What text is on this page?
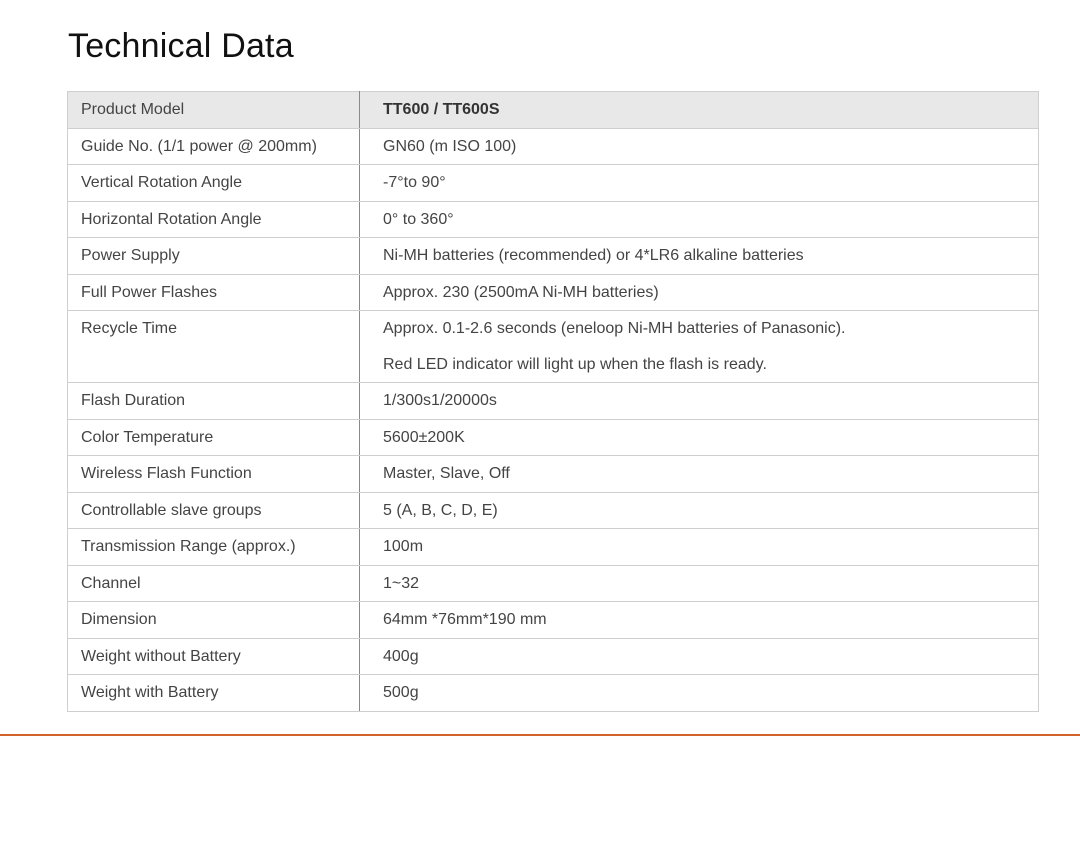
Technical Data
Product Model	TT600 / TT600S

Guide No. (1/1 power @ 200mm)	GN60 (m ISO 100)

Vertical Rotation Angle	-7°to 90°

Horizontal Rotation Angle	0° to 360°

Power Supply	Ni-MH batteries (recommended) or 4*LR6 alkaline batteries

Full Power Flashes	Approx. 230 (2500mA Ni-MH batteries)

Recycle Time	Approx. 0.1-2.6 seconds (eneloop Ni-MH batteries of Panasonic).
Red LED indicator will light up when the flash is ready.

Flash Duration	1/300s1/20000s

Color Temperature	5600±200K

Wireless Flash Function	Master, Slave, Off

Controllable slave groups	5 (A, B, C, D, E)

Transmission Range (approx.)	100m

Channel	1~32

Dimension	64mm *76mm*190 mm

Weight without Battery	400g

Weight with Battery	500g
